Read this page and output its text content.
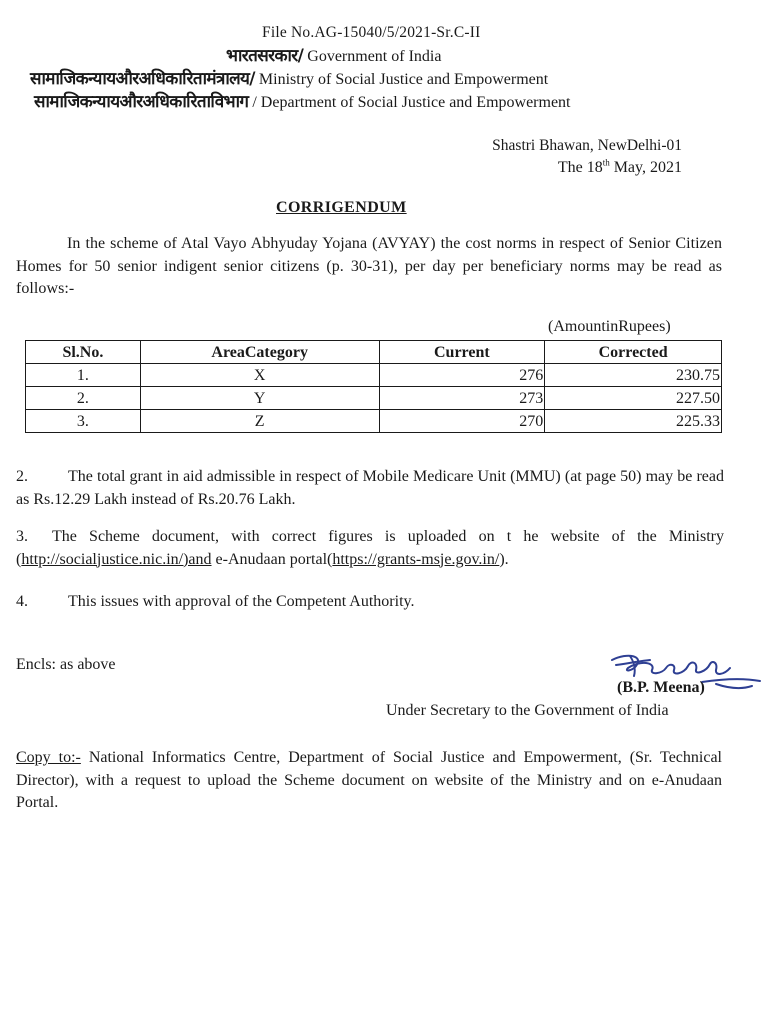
File No.AG-15040/5/2021-Sr.C-II
भारतसरकार/ Government of India
सामाजिकन्यायऔरअधिकारितामंत्रालय/ Ministry of Social Justice and Empowerment
सामाजिकन्यायऔरअधिकारिताविभाग / Department of Social Justice and Empowerment
Shastri Bhawan, NewDelhi-01
The 18th May, 2021
CORRIGENDUM
In the scheme of Atal Vayo Abhyuday Yojana (AVYAY) the cost norms in respect of Senior Citizen Homes for 50 senior indigent senior citizens (p. 30-31), per day per beneficiary norms may be read as follows:-
(AmountinRupees)
Sl.No.	AreaCategory	Current	Corrected
1.	X	276	230.75
2.	Y	273	227.50
3.	Z	270	225.33
2.	The total grant in aid admissible in respect of Mobile Medicare Unit (MMU) (at page 50) may be read as Rs.12.29 Lakh instead of Rs.20.76 Lakh.
3. The Scheme document, with correct figures is uploaded on t he website of the Ministry (http://socialjustice.nic.in/)and e-Anudaan portal(https://grants-msje.gov.in/).
4.	This issues with approval of the Competent Authority.
Encls: as above
(B.P. Meena)
Under Secretary to the Government of India
Copy to:- National Informatics Centre, Department of Social Justice and Empowerment, (Sr. Technical Director), with a request to upload the Scheme document on website of the Ministry and on e-Anudaan Portal.
